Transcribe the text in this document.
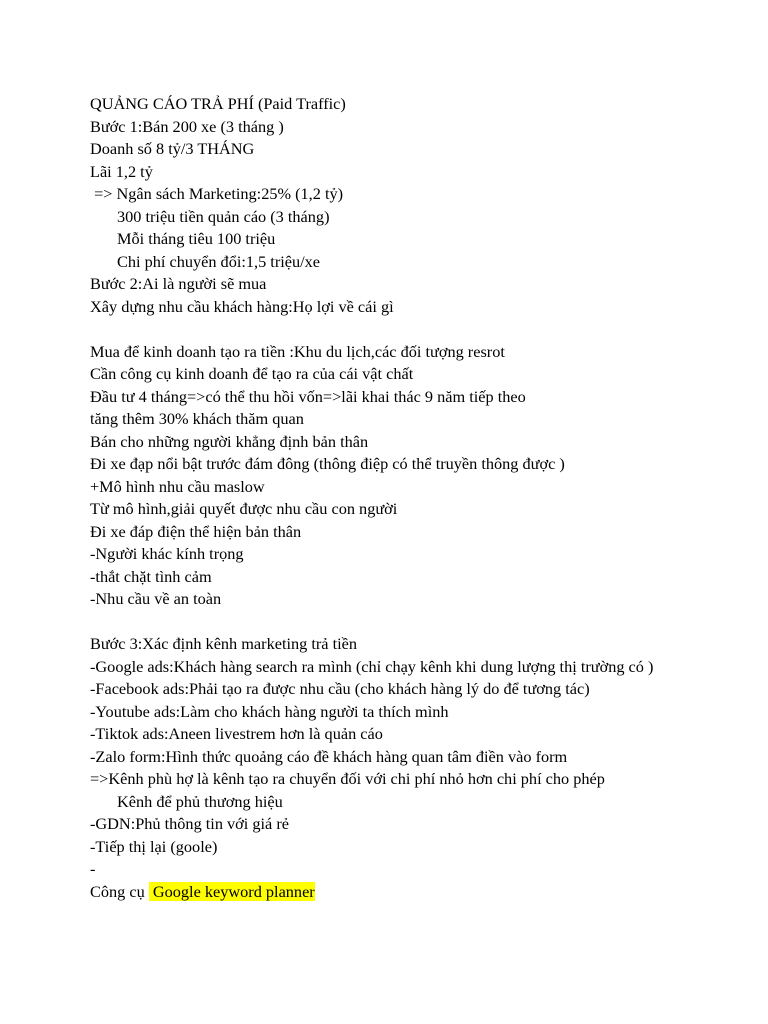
QUẢNG CÁO TRẢ PHÍ (Paid Traffic)
Bước 1:Bán 200 xe (3 tháng )
Doanh số 8 tỷ/3 THÁNG
Lãi 1,2 tỷ
=> Ngân sách Marketing:25% (1,2 tỷ)
300 triệu tiền quản cáo (3 tháng)
Mỗi tháng tiêu 100 triệu
Chi phí chuyển đổi:1,5 triệu/xe
Bước 2:Ai là người sẽ mua
Xây dựng nhu cầu khách hàng:Họ lợi về cái gì
Mua để kinh doanh tạo ra tiền :Khu du lịch,các đối tượng resrot
Cần công cụ kinh doanh để tạo ra của cái vật chất
Đầu tư 4 tháng=>có thể thu hồi vốn=>lãi khai thác 9 năm tiếp theo
tăng thêm 30% khách thăm quan
Bán cho những người khẳng định bản thân
Đi xe đạp nổi bật trước đám đông (thông điệp có thể truyền thông được )
+Mô hình nhu cầu maslow
Từ mô hình,giải quyết được nhu cầu con người
Đi xe đáp điện thể hiện bản thân
-Người khác kính trọng
-thắt chặt tình cảm
-Nhu cầu về an toàn
Bước 3:Xác định kênh marketing trả tiền
-Google ads:Khách hàng search ra mình (chỉ chạy kênh khi dung lượng thị trường có )
-Facebook ads:Phải tạo ra được nhu cầu (cho khách hàng lý do để tương tác)
-Youtube ads:Làm cho khách hàng người ta thích mình
-Tiktok ads:Aneen livestrem hơn là quản cáo
-Zalo form:Hình thức quoảng cáo đề khách hàng quan tâm điền vào form
=>Kênh phù hợ là kênh tạo ra chuyển đối với chi phí nhỏ hơn chi phí cho phép
Kênh để phủ thương hiệu
-GDN:Phủ thông tin với giá rẻ
-Tiếp thị lại (goole)
-
Công cụ  Google keyword planner
